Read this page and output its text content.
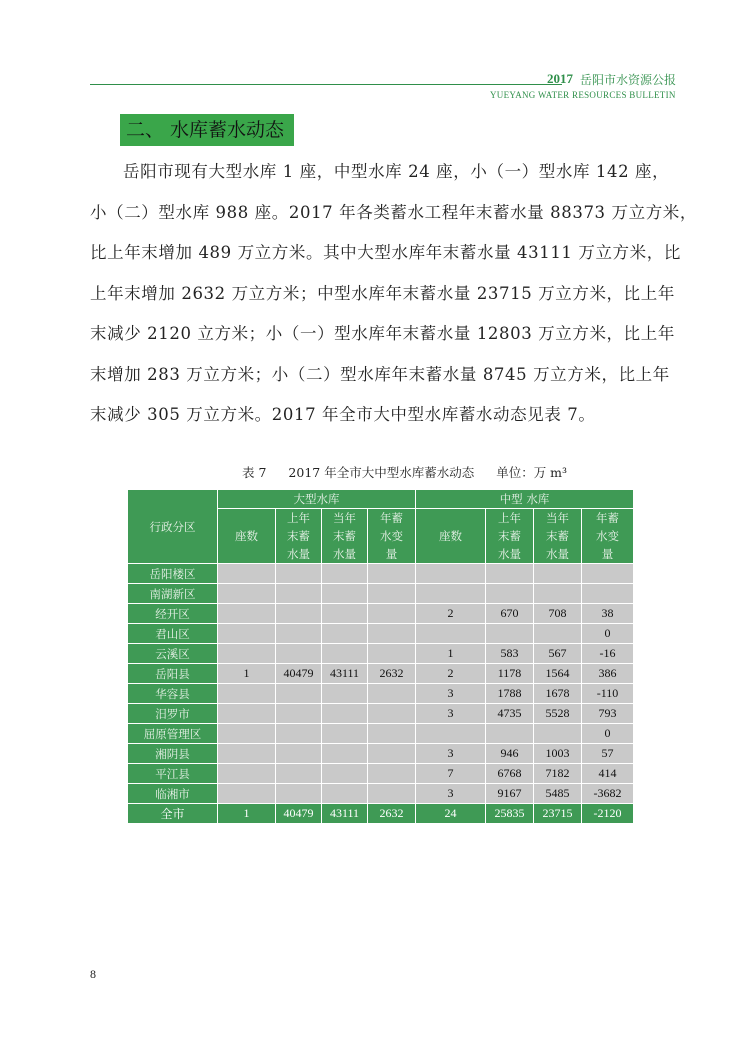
2017 岳阳市水资源公报
YUEYANG WATER RESOURCES BULLETIN
二、 水库蓄水动态
岳阳市现有大型水库 1 座，中型水库 24 座，小（一）型水库 142 座，
小（二）型水库 988 座。2017 年各类蓄水工程年末蓄水量 88373 万立方米，
比上年末增加 489 万立方米。其中大型水库年末蓄水量 43111 万立方米，比
上年末增加 2632 万立方米；中型水库年末蓄水量 23715 万立方米，比上年
末减少 2120 立方米；小（一）型水库年末蓄水量 12803 万立方米，比上年
末增加 283 万立方米；小（二）型水库年末蓄水量 8745 万立方米，比上年
末减少 305 万立方米。2017 年全市大中型水库蓄水动态见表 7。
表 7 2017 年全市大中型水库蓄水动态 单位：万 m³
行政分区	大型水库				中型 水库			
	座数	上年
末蓄
水量	当年
末蓄
水量	年蓄
水变
量	座数	上年
末蓄
水量	当年
末蓄
水量	年蓄
水变
量
岳阳楼区								
南湖新区								
经开区					2	670	708	38
君山区								0
云溪区					1	583	567	-16
岳阳县	1	40479	43111	2632	2	1178	1564	386
华容县					3	1788	1678	-110
汨罗市					3	4735	5528	793
屈原管理区								0
湘阴县					3	946	1003	57
平江县					7	6768	7182	414
临湘市					3	9167	5485	-3682
全市	1	40479	43111	2632	24	25835	23715	-2120
8
